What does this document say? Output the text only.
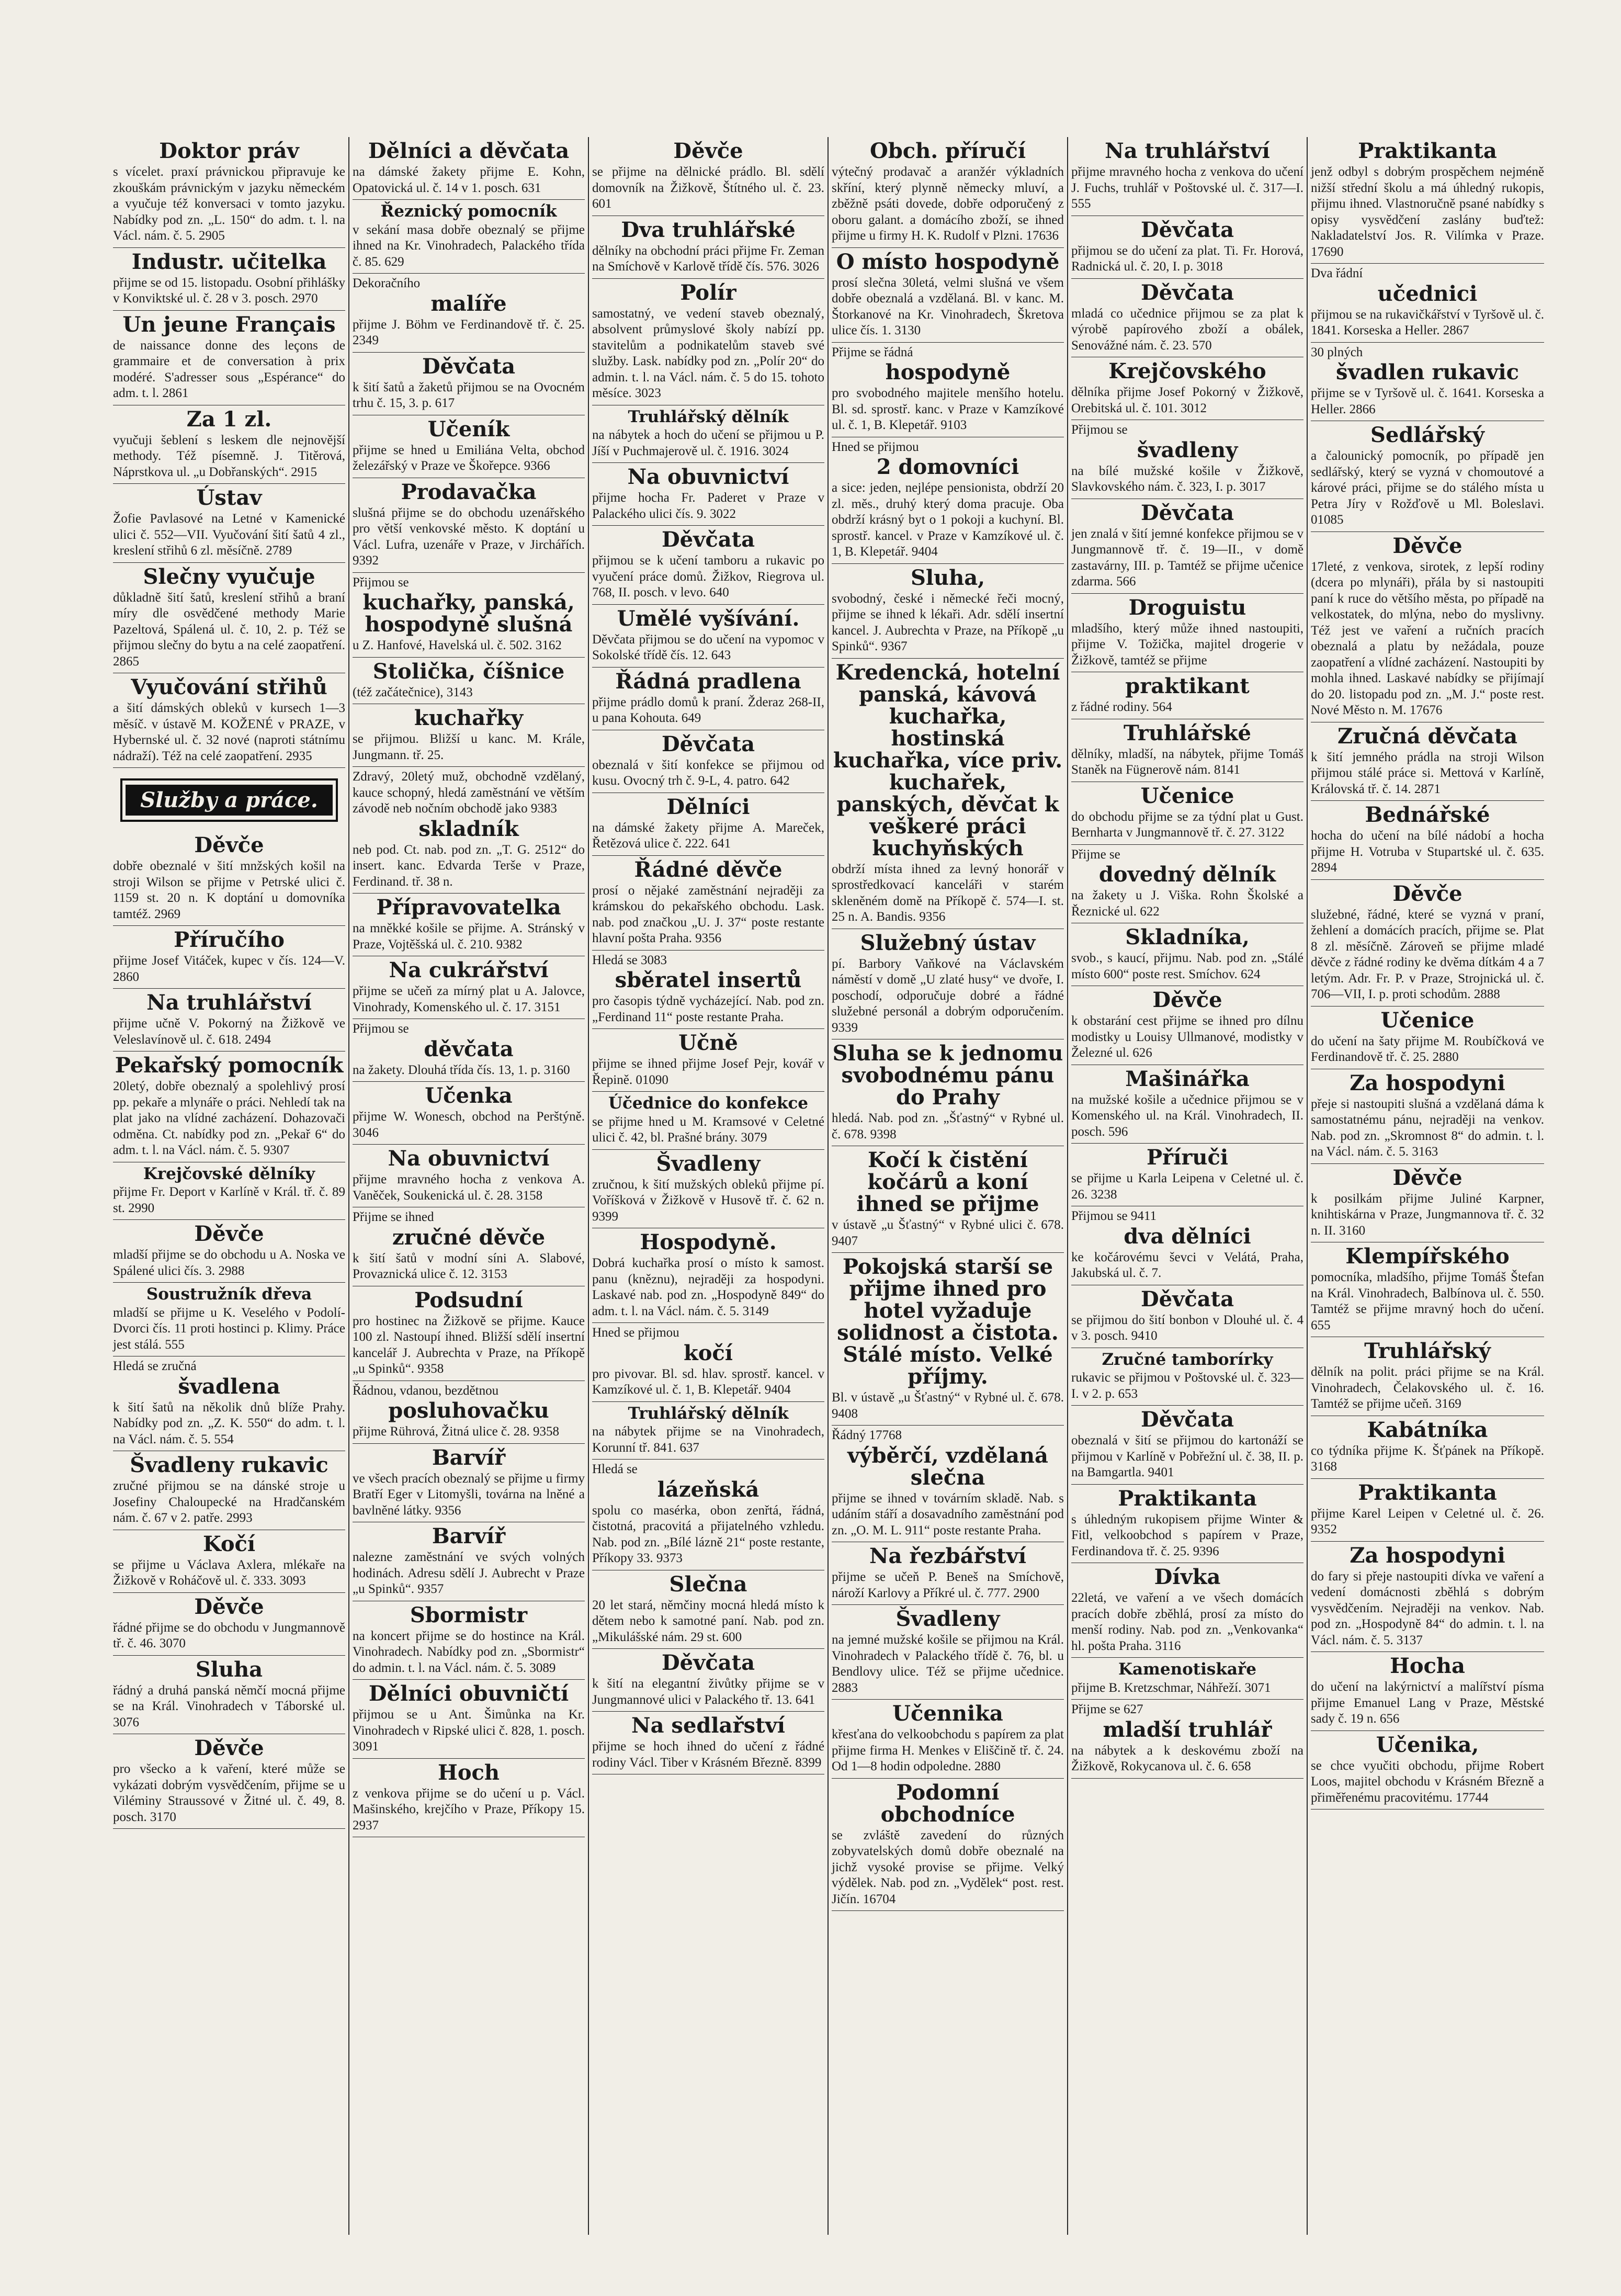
Doktor práv

s vícelet. praxí právnickou připravuje ke zkouškám právnickým v jazyku německém a vyučuje též konversaci v tomto jazyku. Nabídky pod zn. „L. 150“ do adm. t. l. na Václ. nám. č. 5. 2905

Industr. učitelka

přijme se od 15. listopadu. Osobní přihlášky v Konviktské ul. č. 28 v 3. posch. 2970

Un jeune Français

de naissance donne des leçons de grammaire et de conversation à prix modéré. S'adresser sous „Espérance“ do adm. t. l. 2861

Za 1 zl.

vyučuji šeblení s leskem dle nejnovější methody. Též písemně. J. Titěrová, Náprstkova ul. „u Dobřanských“. 2915

Ústav

Žofie Pavlasové na Letné v Kamenické ulici č. 552—VII. Vyučování šití šatů 4 zl., kreslení střihů 6 zl. měsíčně. 2789

Slečny vyučuje

důkladně šití šatů, kreslení střihů a braní míry dle osvědčené methody Marie Pazeltová, Spálená ul. č. 10, 2. p. Též se přijmou slečny do bytu a na celé zaopatření. 2865

Vyučování střihů

a šití dámských obleků v kursech 1—3 měsíč. v ústavě M. KOŽENÉ v PRAZE, v Hybernské ul. č. 32 nové (naproti státnímu nádraží). Též na celé zaopatření. 2935

Služby a práce.
Děvče

dobře obeznalé v šití mnžských košil na stroji Wilson se přijme v Petrské ulici č. 1159 st. 20 n. K doptání u domovníka tamtéž. 2969

Příručího

přijme Josef Vitáček, kupec v čís. 124—V. 2860

Na truhlářství

přijme učně V. Pokorný na Žižkově ve Veleslavínově ul. č. 618. 2494

Pekařský pomocník

20letý, dobře obeznalý a spolehlivý prosí pp. pekaře a mlynáře o práci. Nehledí tak na plat jako na vlídné zacházení. Dohazovači odměna. Ct. nabídky pod zn. „Pekař 6“ do adm. t. l. na Václ. nám. č. 5. 9307

Krejčovské dělníky

přijme Fr. Deport v Karlíně v Král. tř. č. 89 st. 2990

Děvče

mladší přijme se do obchodu u A. Noska ve Spálené ulici čís. 3. 2988

Soustružník dřeva

mladší se přijme u K. Veselého v Podolí-Dvorci čís. 11 proti hostinci p. Klimy. Práce jest stálá. 555

Hledá se zručná

švadlena

k šití šatů na několik dnů blíže Prahy. Nabídky pod zn. „Z. K. 550“ do adm. t. l. na Václ. nám. č. 5. 554

Švadleny rukavic

zručné přijmou se na dánské stroje u Josefiny Chaloupecké na Hradčanském nám. č. 67 v 2. patře. 2993

Kočí

se přijme u Václava Axlera, mlékaře na Žižkově v Roháčově ul. č. 333. 3093

Děvče

řádné přijme se do obchodu v Jungmannově tř. č. 46. 3070

Sluha

řádný a druhá panská němčí mocná přijme se na Král. Vinohradech v Táborské ul. 3076

Děvče

pro všecko a k vaření, které může se vykázati dobrým vysvědčením, přijme se u Viléminy Straussové v Žitné ul. č. 49, 8. posch. 3170

Dělníci a děvčata

na dámské žakety přijme E. Kohn, Opatovická ul. č. 14 v 1. posch. 631

Řeznický pomocník

v sekání masa dobře obeznalý se přijme ihned na Kr. Vinohradech, Palackého třída č. 85. 629

Dekoračního

malíře

přijme J. Böhm ve Ferdinandově tř. č. 25. 2349

Děvčata

k šití šatů a žaketů přijmou se na Ovocném trhu č. 15, 3. p. 617

Učeník

přijme se hned u Emiliána Velta, obchod železářský v Praze ve Škořepce. 9366

Prodavačka

slušná přijme se do obchodu uzenářského pro větší venkovské město. K doptání u Václ. Lufra, uzenáře v Praze, v Jirchářích. 9392

Přijmou se

kuchařky, panská, hospodyně slušná

u Z. Hanfové, Havelská ul. č. 502. 3162

Stolička, číšnice

(též začátečnice), 3143

kuchařky

se přijmou. Bližší u kanc. M. Krále, Jungmann. tř. 25.

Zdravý, 20letý muž, obchodně vzdělaný, kauce schopný, hledá zaměstnání ve větším závodě neb nočním obchodě jako 9383

skladník

neb pod. Ct. nab. pod zn. „T. G. 2512“ do insert. kanc. Edvarda Terše v Praze, Ferdinand. tř. 38 n.

Přípravovatelka

na mněkké košile se přijme. A. Stránský v Praze, Vojtěšská ul. č. 210. 9382

Na cukrářství

přijme se učeň za mírný plat u A. Jalovce, Vinohrady, Komenského ul. č. 17. 3151

Přijmou se

děvčata

na žakety. Dlouhá třída čís. 13, 1. p. 3160

Učenka

přijme W. Wonesch, obchod na Perštýně. 3046

Na obuvnictví

přijme mravného hocha z venkova A. Vaněček, Soukenická ul. č. 28. 3158

Přijme se ihned

zručné děvče

k šití šatů v modní síni A. Slabové, Provaznická ulice č. 12. 3153

Podsudní

pro hostinec na Žižkově se přijme. Kauce 100 zl. Nastoupí ihned. Bližší sdělí insertní kancelář J. Aubrechta v Praze, na Příkopě „u Spinků“. 9358

Řádnou, vdanou, bezdětnou

posluhovačku

přijme Rührová, Žitná ulice č. 28. 9358

Barvíř

ve všech pracích obeznalý se přijme u firmy Bratří Eger v Litomyšli, továrna na lněné a bavlněné látky. 9356

Barvíř

nalezne zaměstnání ve svých volných hodinách. Adresu sdělí J. Aubrecht v Praze „u Spinků“. 9357

Sbormistr

na koncert přijme se do hostince na Král. Vinohradech. Nabídky pod zn. „Sbormistr“ do admin. t. l. na Václ. nám. č. 5. 3089

Dělníci obuvničtí

přijmou se u Ant. Šimůnka na Kr. Vinohradech v Ripské ulici č. 828, 1. posch. 3091

Hoch

z venkova přijme se do učení u p. Václ. Mašinského, krejčího v Praze, Příkopy 15. 2937

Děvče

se přijme na dělnické prádlo. Bl. sdělí domovník na Žižkově, Štítného ul. č. 23. 601

Dva truhlářské

dělníky na obchodní práci přijme Fr. Zeman na Smíchově v Karlově třídě čís. 576. 3026

Polír

samostatný, ve vedení staveb obeznalý, absolvent průmyslové školy nabízí pp. stavitelům a podnikatelům staveb své služby. Lask. nabídky pod zn. „Polír 20“ do admin. t. l. na Václ. nám. č. 5 do 15. tohoto měsíce. 3023

Truhlářský dělník

na nábytek a hoch do učení se přijmou u P. Jíší v Puchmajerově ul. č. 1916. 3024

Na obuvnictví

přijme hocha Fr. Paderet v Praze v Palackého ulici čís. 9. 3022

Děvčata

přijmou se k učení tamboru a rukavic po vyučení práce domů. Žižkov, Riegrova ul. 768, II. posch. v levo. 640

Umělé vyšívání.

Děvčata přijmou se do učení na vypomoc v Sokolské třídě čís. 12. 643

Řádná pradlena

přijme prádlo domů k praní. Žderaz 268-II, u pana Kohouta. 649

Děvčata

obeznalá v šití konfekce se přijmou od kusu. Ovocný trh č. 9-L, 4. patro. 642

Dělníci

na dámské žakety přijme A. Mareček, Řetězová ulice č. 222. 641

Řádné děvče

prosí o nějaké zaměstnání nejraději za krámskou do pekařského obchodu. Lask. nab. pod značkou „U. J. 37“ poste restante hlavní pošta Praha. 9356

Hledá se 3083

sběratel insertů

pro časopis týdně vycházející. Nab. pod zn. „Ferdinand 11“ poste restante Praha.

Učně

přijme se ihned přijme Josef Pejr, kovář v Řepině. 01090

Účednice do konfekce

se přijme hned u M. Kramsové v Celetné ulici č. 42, bl. Prašné brány. 3079

Švadleny

zručnou, k šití mužských obleků přijme pí. Voříšková v Žižkově v Husově tř. č. 62 n. 9399

Hospodyně.

Dobrá kuchařka prosí o místo k samost. panu (kněznu), nejraději za hospodyni. Laskavé nab. pod zn. „Hospodyně 849“ do adm. t. l. na Václ. nám. č. 5. 3149

Hned se přijmou

kočí

pro pivovar. Bl. sd. hlav. sprostř. kancel. v Kamzíkové ul. č. 1, B. Klepetář. 9404

Truhlářský dělník

na nábytek přijme se na Vinohradech, Korunní tř. 841. 637

Hledá se

lázeňská

spolu co masérka, obon zenřtá, řádná, čistotná, pracovitá a přijatelného vzhledu. Nab. pod zn. „Bílé lázně 21“ poste restante, Příkopy 33. 9373

Slečna

20 let stará, němčiny mocná hledá místo k dětem nebo k samotné paní. Nab. pod zn. „Mikulášské nám. 29 st. 600

Děvčata

k šití na elegantní živůtky přijme se v Jungmannové ulici v Palackého tř. 13. 641

Na sedlařství

přijme se hoch ihned do učení z řádné rodiny Václ. Tiber v Krásném Březně. 8399

Obch. příručí

výtečný prodavač a aranžér výkladních skříní, který plynně německy mluví, a zběžně psáti dovede, dobře odporučený z oboru galant. a domácího zboží, se ihned přijme u firmy H. K. Rudolf v Plzni. 17636

O místo hospodyně

prosí slečna 30letá, velmi slušná ve všem dobře obeznalá a vzdělaná. Bl. v kanc. M. Štorkanové na Kr. Vinohradech, Škretova ulice čís. 1. 3130

Přijme se řádná

hospodyně

pro svobodného majitele menšího hotelu. Bl. sd. sprostř. kanc. v Praze v Kamzíkové ul. č. 1, B. Klepetář. 9103

Hned se přijmou

2 domovníci

a sice: jeden, nejlépe pensionista, obdrží 20 zl. měs., druhý který doma pracuje. Oba obdrží krásný byt o 1 pokoji a kuchyní. Bl. sprostř. kancel. v Praze v Kamzíkové ul. č. 1, B. Klepetář. 9404

Sluha,

svobodný, české i německé řeči mocný, přijme se ihned k lékaři. Adr. sdělí insertní kancel. J. Aubrechta v Praze, na Příkopě „u Spinků“. 9367

Kredencká, hotelní panská, kávová kuchařka, hostinská kuchařka, více priv. kuchařek, panských, děvčat k veškeré práci kuchyňských

obdrží místa ihned za levný honorář v sprostředkovací kanceláři v starém skleněném domě na Příkopě č. 574—I. st. 25 n. A. Bandis. 9356

Služebný ústav

pí. Barbory Vaňkové na Václavském náměstí v domě „U zlaté husy“ ve dvoře, I. poschodí, odporučuje dobré a řádné služebné personál a dobrým odporučením. 9339

Sluha se k jednomu svobodnému pánu do Prahy

hledá. Nab. pod zn. „Šťastný“ v Rybné ul. č. 678. 9398

Kočí k čistění kočárů a koní ihned se přijme

v ústavě „u Šťastný“ v Rybné ulici č. 678. 9407

Pokojská starší se přijme ihned pro hotel vyžaduje solidnost a čistota. Stálé místo. Velké příjmy.

Bl. v ústavě „u Šťastný“ v Rybné ul. č. 678. 9408

Řádný 17768

výběrčí, vzdělaná slečna

přijme se ihned v továrním skladě. Nab. s udáním stáří a dosavadního zaměstnání pod zn. „O. M. L. 911“ poste restante Praha.

Na řezbářství

přijme se učeň P. Beneš na Smíchově, nároží Karlovy a Příkré ul. č. 777. 2900

Švadleny

na jemné mužské košile se přijmou na Král. Vinohradech v Palackého třídě č. 76, bl. u Bendlovy ulice. Též se přijme učednice. 2883

Učennika

křesťana do velkoobchodu s papírem za plat přijme firma H. Menkes v Eliščině tř. č. 24. Od 1—8 hodin odpoledne. 2880

Podomní obchodníce

se zvláště zavedení do různých zobyvatelských domů dobře obeznalé na jichž vysoké provise se přijme. Velký výdělek. Nab. pod zn. „Vydělek“ post. rest. Jičín. 16704

Na truhlářství

přijme mravného hocha z venkova do učení J. Fuchs, truhlář v Poštovské ul. č. 317—I. 555

Děvčata

přijmou se do učení za plat. Ti. Fr. Horová, Radnická ul. č. 20, I. p. 3018

Děvčata

mladá co učednice přijmou se za plat k výrobě papírového zboží a obálek, Senovážné nám. č. 23. 570

Krejčovského

dělníka přijme Josef Pokorný v Žižkově, Orebitská ul. č. 101. 3012

Přijmou se

švadleny

na bílé mužské košile v Žižkově, Slavkovského nám. č. 323, I. p. 3017

Děvčata

jen znalá v šití jemné konfekce přijmou se v Jungmannově tř. č. 19—II., v domě zastavárny, III. p. Tamtéž se přijme učenice zdarma. 566

Droguistu

mladšího, který může ihned nastoupiti, přijme V. Tožička, majitel drogerie v Žižkově, tamtéž se přijme

praktikant

z řádné rodiny. 564

Truhlářské

dělníky, mladší, na nábytek, přijme Tomáš Staněk na Fügnerově nám. 8141

Učenice

do obchodu přijme se za týdní plat u Gust. Bernharta v Jungmannově tř. č. 27. 3122

Přijme se

dovedný dělník

na žakety u J. Viška. Rohn Školské a Řeznické ul. 622

Skladníka,

svob., s kaucí, přijmu. Nab. pod zn. „Stálé místo 600“ poste rest. Smíchov. 624

Děvče

k obstarání cest přijme se ihned pro dílnu modistky u Louisy Ullmanové, modistky v Železné ul. 626

Mašinářka

na mužské košile a učednice přijmou se v Komenského ul. na Král. Vinohradech, II. posch. 596

Příruči

se přijme u Karla Leipena v Celetné ul. č. 26. 3238

Přijmou se 9411

dva dělníci

ke kočárovému ševci v Velátá, Praha, Jakubská ul. č. 7.

Děvčata

se přijmou do šití bonbon v Dlouhé ul. č. 4 v 3. posch. 9410

Zručné tamborírky

rukavic se přijmou v Poštovské ul. č. 323—I. v 2. p. 653

Děvčata

obeznalá v šití se přijmou do kartonáží se přijmou v Karlíně v Pobřežní ul. č. 38, II. p. na Bamgartla. 9401

Praktikanta

s úhledným rukopisem přijme Winter & Fitl, velkoobchod s papírem v Praze, Ferdinandova tř. č. 25. 9396

Dívka

22letá, ve vaření a ve všech domácích pracích dobře zběhlá, prosí za místo do menší rodiny. Nab. pod zn. „Venkovanka“ hl. pošta Praha. 3116

Kamenotiskaře

přijme B. Kretzschmar, Náhřeží. 3071

Přijme se 627

mladší truhlář

na nábytek a k deskovému zboží na Žižkově, Rokycanova ul. č. 6. 658

Praktikanta

jenž odbyl s dobrým prospěchem nejméně nižší střední školu a má úhledný rukopis, přijmu ihned. Vlastnoručně psané nabídky s opisy vysvědčení zaslány buďtež: Nakladatelství Jos. R. Vilímka v Praze. 17690

Dva řádní

učednici

přijmou se na rukavičkářství v Tyršově ul. č. 1841. Korseska a Heller. 2867

30 plných

švadlen rukavic

přijme se v Tyršově ul. č. 1641. Korseska a Heller. 2866

Sedlářský

a čalounický pomocník, po případě jen sedlářský, který se vyzná v chomoutové a kárové práci, přijme se do stálého místa u Petra Jíry v Rožďově u Ml. Boleslavi. 01085

Děvče

17leté, z venkova, sirotek, z lepší rodiny (dcera po mlynáři), přála by si nastoupiti paní k ruce do většího města, po případě na velkostatek, do mlýna, nebo do myslivny. Též jest ve vaření a ručních pracích obeznalá a platu by nežádala, pouze zaopatření a vlídné zacházení. Nastoupiti by mohla ihned. Laskavé nabídky se přijímají do 20. listopadu pod zn. „M. J.“ poste rest. Nové Město n. M. 17676

Zručná děvčata

k šití jemného prádla na stroji Wilson přijmou stálé práce si. Mettová v Karlíně, Královská tř. č. 14. 2871

Bednářské

hocha do učení na bílé nádobí a hocha přijme H. Votruba v Stupartské ul. č. 635. 2894

Děvče

služebné, řádné, které se vyzná v praní, žehlení a domácích pracích, přijme se. Plat 8 zl. měsíčně. Zároveň se přijme mladé děvče z řádné rodiny ke dvěma dítkám 4 a 7 letým. Adr. Fr. P. v Praze, Strojnická ul. č. 706—VII, I. p. proti schodům. 2888

Učenice

do učení na šaty přijme M. Roubíčková ve Ferdinandově tř. č. 25. 2880

Za hospodyni

přeje si nastoupiti slušná a vzdělaná dáma k samostatnému pánu, nejraději na venkov. Nab. pod zn. „Skromnost 8“ do admin. t. l. na Václ. nám. č. 5. 3163

Děvče

k posilkám přijme Juliné Karpner, knihtiskárna v Praze, Jungmannova tř. č. 32 n. II. 3160

Klempířského

pomocníka, mladšího, přijme Tomáš Štefan na Král. Vinohradech, Balbínova ul. č. 550. Tamtéž se přijme mravný hoch do učení. 655

Truhlářský

dělník na polit. práci přijme se na Král. Vinohradech, Čelakovského ul. č. 16. Tamtéž se přijme učeň. 3169

Kabátníka

co týdníka přijme K. Šťpánek na Příkopě. 3168

Praktikanta

přijme Karel Leipen v Celetné ul. č. 26. 9352

Za hospodyni

do fary si přeje nastoupiti dívka ve vaření a vedení domácnosti zběhlá s dobrým vysvědčením. Nejraději na venkov. Nab. pod zn. „Hospodyně 84“ do admin. t. l. na Václ. nám. č. 5. 3137

Hocha

do učení na lakýrnictví a malířství písma přijme Emanuel Lang v Praze, Městské sady č. 19 n. 656

Učenika,

se chce vyučiti obchodu, přijme Robert Loos, majitel obchodu v Krásném Březně a přiměřenému pracovitému. 17744
